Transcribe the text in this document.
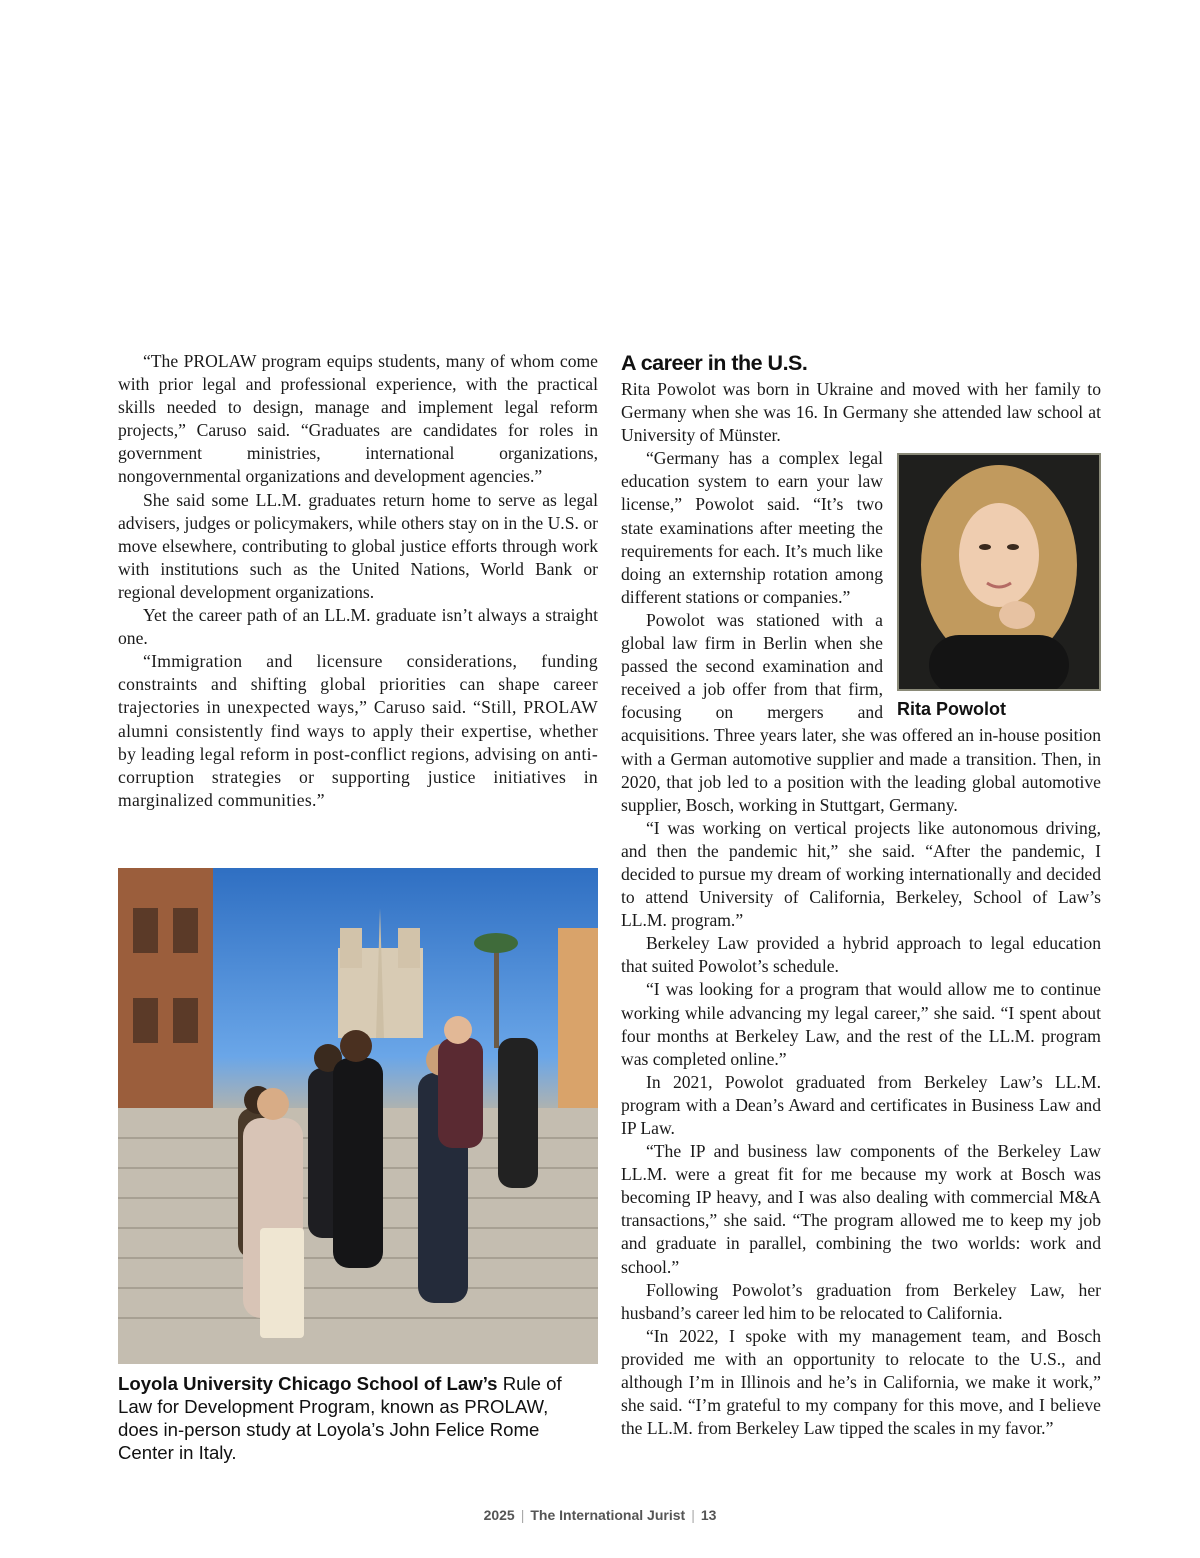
“The PROLAW program equips students, many of whom come with prior legal and professional experience, with the practical skills needed to design, manage and implement legal reform projects,” Caruso said. “Graduates are candidates for roles in government ministries, international organizations, nongovernmental organizations and development agencies.”

She said some LL.M. graduates return home to serve as legal advisers, judges or policymakers, while others stay on in the U.S. or move elsewhere, contributing to global justice efforts through work with institutions such as the United Nations, World Bank or regional development organizations.

Yet the career path of an LL.M. graduate isn’t always a straight one.

“Immigration and licensure considerations, funding constraints and shifting global priorities can shape career trajectories in unexpected ways,” Caruso said. “Still, PROLAW alumni consistently find ways to apply their expertise, whether by leading legal reform in post-conflict regions, advising on anti-corruption strategies or supporting justice initiatives in marginalized communities.”

Loyola University Chicago School of Law’s Rule of Law for Development Program, known as PROLAW, does in-person study at Loyola’s John Felice Rome Center in Italy.
A career in the U.S.

Rita Powolot was born in Ukraine and moved with her family to Germany when she was 16. In Germany she attended law school at University of Münster.

Rita Powolot

“Germany has a complex legal education system to earn your law license,” Powolot said. “It’s two state examinations after meeting the requirements for each. It’s much like doing an externship rotation among different stations or companies.”

Powolot was stationed with a global law firm in Berlin when she passed the second examination and received a job offer from that firm, focusing on mergers and acquisitions. Three years later, she was offered an in-house position with a German automotive supplier and made a transition. Then, in 2020, that job led to a position with the leading global automotive supplier, Bosch, working in Stuttgart, Germany.

“I was working on vertical projects like autonomous driving, and then the pandemic hit,” she said. “After the pandemic, I decided to pursue my dream of working internationally and decided to attend University of California, Berkeley, School of Law’s LL.M. program.”

Berkeley Law provided a hybrid approach to legal education that suited Powolot’s schedule.

“I was looking for a program that would allow me to continue working while advancing my legal career,” she said. “I spent about four months at Berkeley Law, and the rest of the LL.M. program was completed online.”

In 2021, Powolot graduated from Berkeley Law’s LL.M. program with a Dean’s Award and certificates in Business Law and IP Law.

“The IP and business law components of the Berkeley Law LL.M. were a great fit for me because my work at Bosch was becoming IP heavy, and I was also dealing with commercial M&A transactions,” she said. “The program allowed me to keep my job and graduate in parallel, combining the two worlds: work and school.”

Following Powolot’s graduation from Berkeley Law, her husband’s career led him to be relocated to California.

“In 2022, I spoke with my management team, and Bosch provided me with an opportunity to relocate to the U.S., and although I’m in Illinois and he’s in California, we make it work,” she said. “I’m grateful to my company for this move, and I believe the LL.M. from Berkeley Law tipped the scales in my favor.”

2025 | The International Jurist | 13
